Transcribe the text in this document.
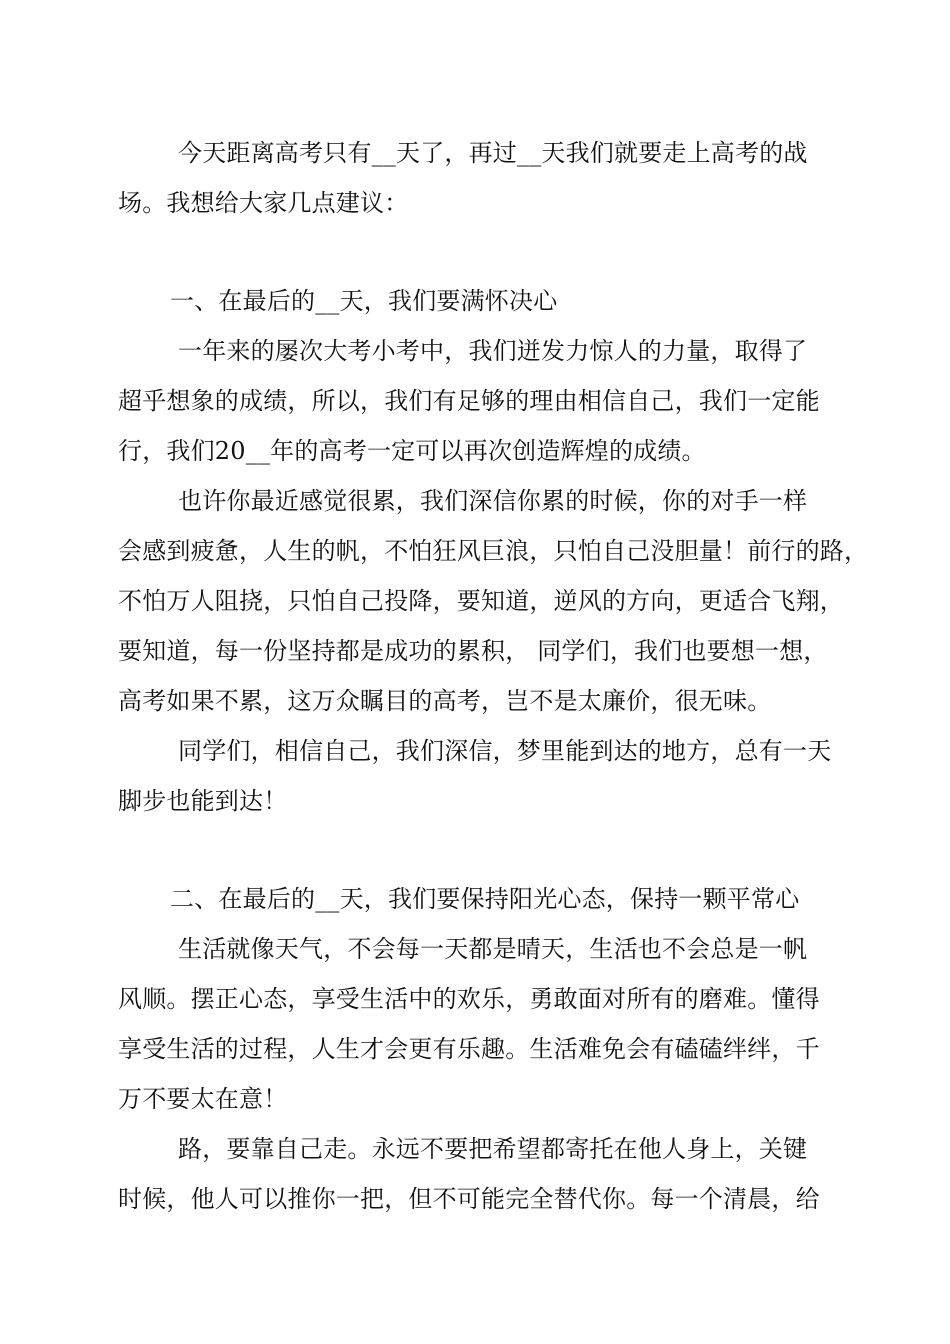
今天距离高考只有__天了，再过__天我们就要走上高考的战
场。我想给大家几点建议：
一、在最后的__天，我们要满怀决心
一年来的屡次大考小考中，我们迸发力惊人的力量，取得了
超乎想象的成绩，所以，我们有足够的理由相信自己，我们一定能
行，我们20__年的高考一定可以再次创造辉煌的成绩。
也许你最近感觉很累，我们深信你累的时候，你的对手一样
会感到疲惫，人生的帆，不怕狂风巨浪，只怕自己没胆量！前行的路，
不怕万人阻挠，只怕自己投降，要知道，逆风的方向，更适合飞翔，
要知道，每一份坚持都是成功的累积， 同学们，我们也要想一想，
高考如果不累，这万众瞩目的高考，岂不是太廉价，很无味。
同学们，相信自己，我们深信，梦里能到达的地方，总有一天
脚步也能到达！
二、在最后的__天，我们要保持阳光心态，保持一颗平常心
生活就像天气，不会每一天都是晴天，生活也不会总是一帆
风顺。摆正心态，享受生活中的欢乐，勇敢面对所有的磨难。懂得
享受生活的过程，人生才会更有乐趣。生活难免会有磕磕绊绊，千
万不要太在意！
路，要靠自己走。永远不要把希望都寄托在他人身上，关键
时候，他人可以推你一把，但不可能完全替代你。每一个清晨，给
